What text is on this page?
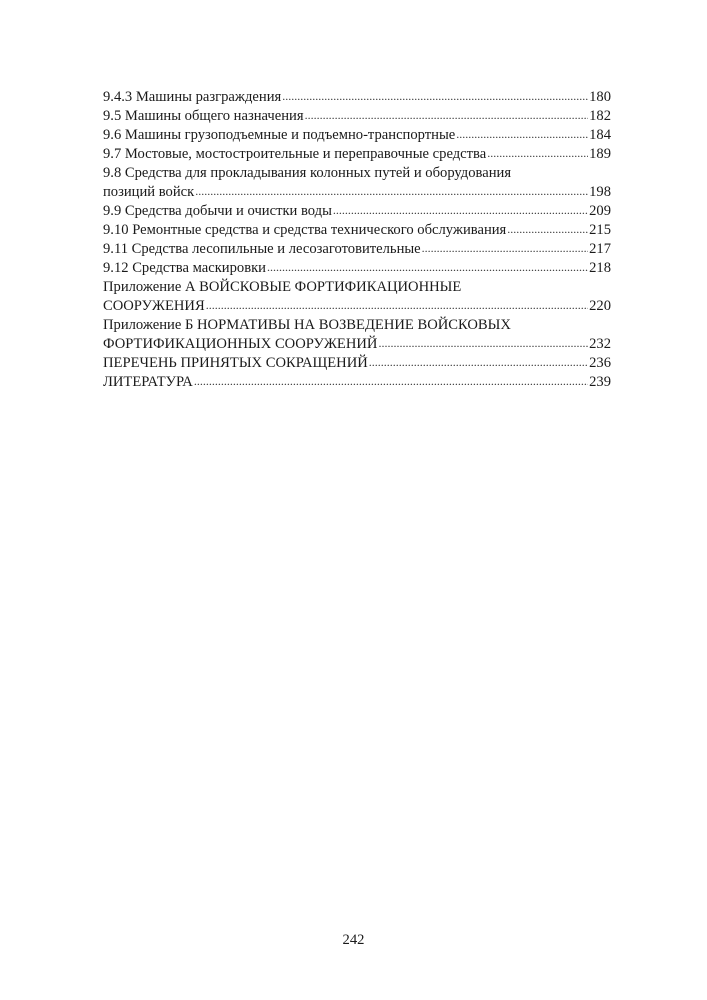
9.4.3 Машины разграждения .....	180
9.5 Машины общего назначения .....	182
9.6 Машины грузоподъемные и подъемно-транспортные .....	184
9.7 Мостовые, мостостроительные и переправочные средства .....	189
9.8 Средства для прокладывания колонных путей и оборудования
позиций войск .....	198
9.9 Средства добычи и очистки воды .....	209
9.10 Ремонтные средства и средства технического обслуживания .....	215
9.11 Средства лесопильные и лесозаготовительные .....	217
9.12 Средства маскировки .....	218
Приложение А ВОЙСКОВЫЕ ФОРТИФИКАЦИОННЫЕ
СООРУЖЕНИЯ .....	220
Приложение Б НОРМАТИВЫ НА ВОЗВЕДЕНИЕ ВОЙСКОВЫХ
ФОРТИФИКАЦИОННЫХ СООРУЖЕНИЙ .....	232
ПЕРЕЧЕНЬ ПРИНЯТЫХ СОКРАЩЕНИЙ .....	236
ЛИТЕРАТУРА .....	239
242
